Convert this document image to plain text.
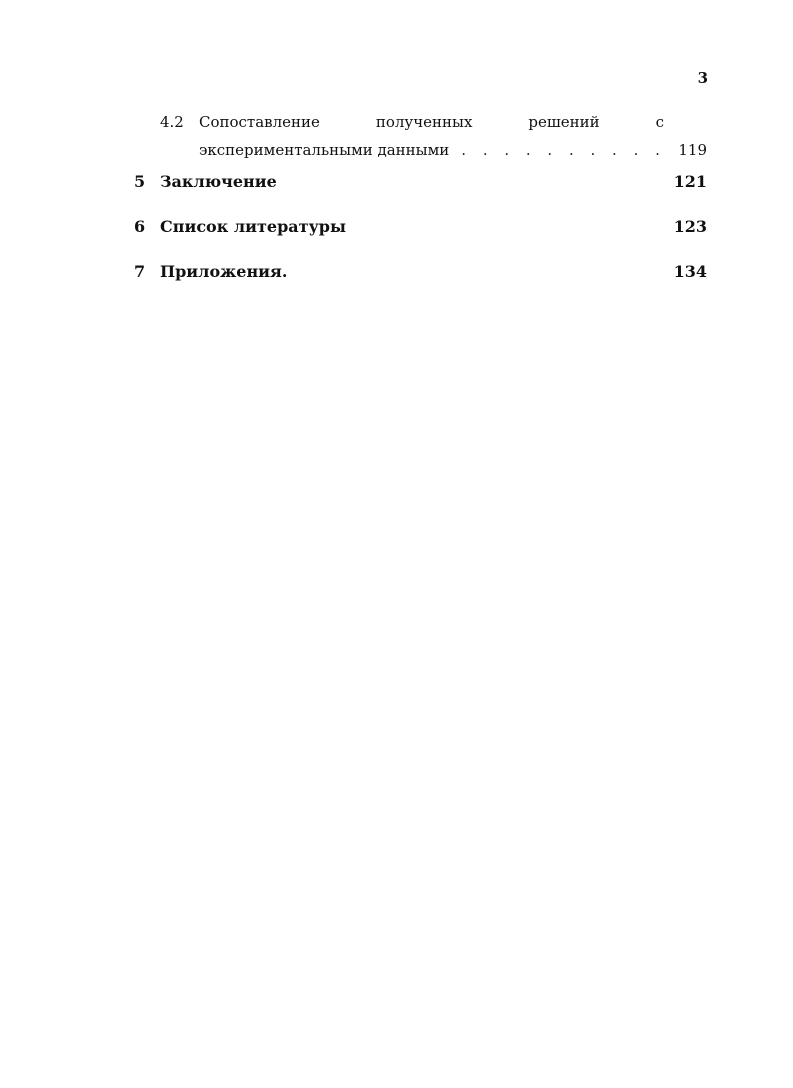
3
4.2 Сопоставление	полученных	решений	с
экспериментальными данными . . .	119
5 Заключение	121
6 Список литературы	123
7 Приложения.	134
